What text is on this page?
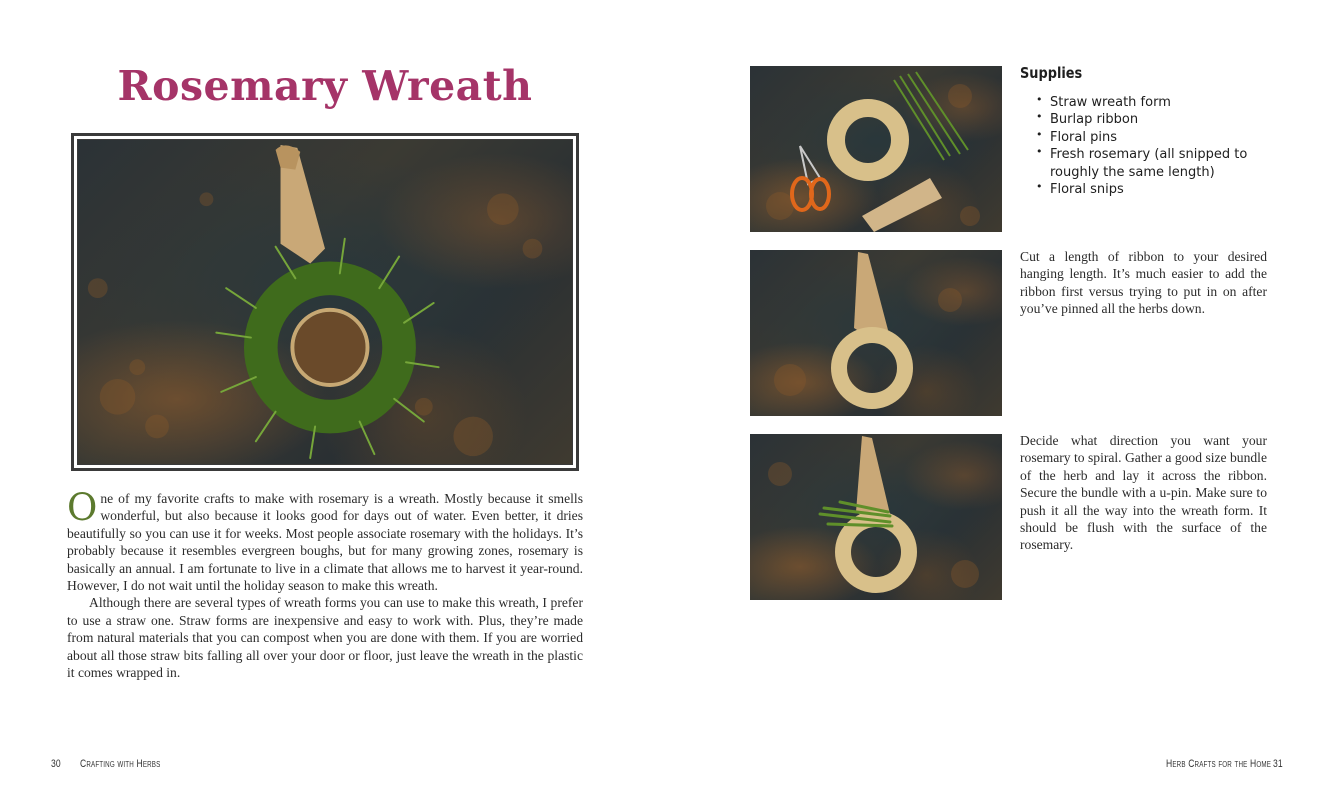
Rosemary Wreath

O ne of my favorite crafts to make with rosemary is a wreath. Mostly because it smells wonderful, but also because it looks good for days out of water. Even better, it dries beautifully so you can use it for weeks. Most people associate rosemary with the holidays. It’s probably because it resembles evergreen boughs, but for many growing zones, rosemary is basically an annual. I am fortunate to live in a climate that allows me to harvest it year-round. However, I do not wait until the holiday season to make this wreath.

Although there are several types of wreath forms you can use to make this wreath, I prefer to use a straw one. Straw forms are inexpensive and easy to work with. Plus, they’re made from natural materials that you can compost when you are done with them. If you are worried about all those straw bits falling all over your door or floor, just leave the wreath in the plastic it comes wrapped in.

Supplies
• Straw wreath form
• Burlap ribbon
• Floral pins
• Fresh rosemary (all snipped to roughly the same length)
• Floral snips

Cut a length of ribbon to your desired hanging length. It’s much easier to add the ribbon first versus trying to put in on after you’ve pinned all the herbs down.

Decide what direction you want your rosemary to spiral. Gather a good size bundle of the herb and lay it across the ribbon. Secure the bundle with a u-pin. Make sure to push it all the way into the wreath form. It should be flush with the surface of the rosemary.

30 Crafting with Herbs	Herb Crafts for the Home 31
